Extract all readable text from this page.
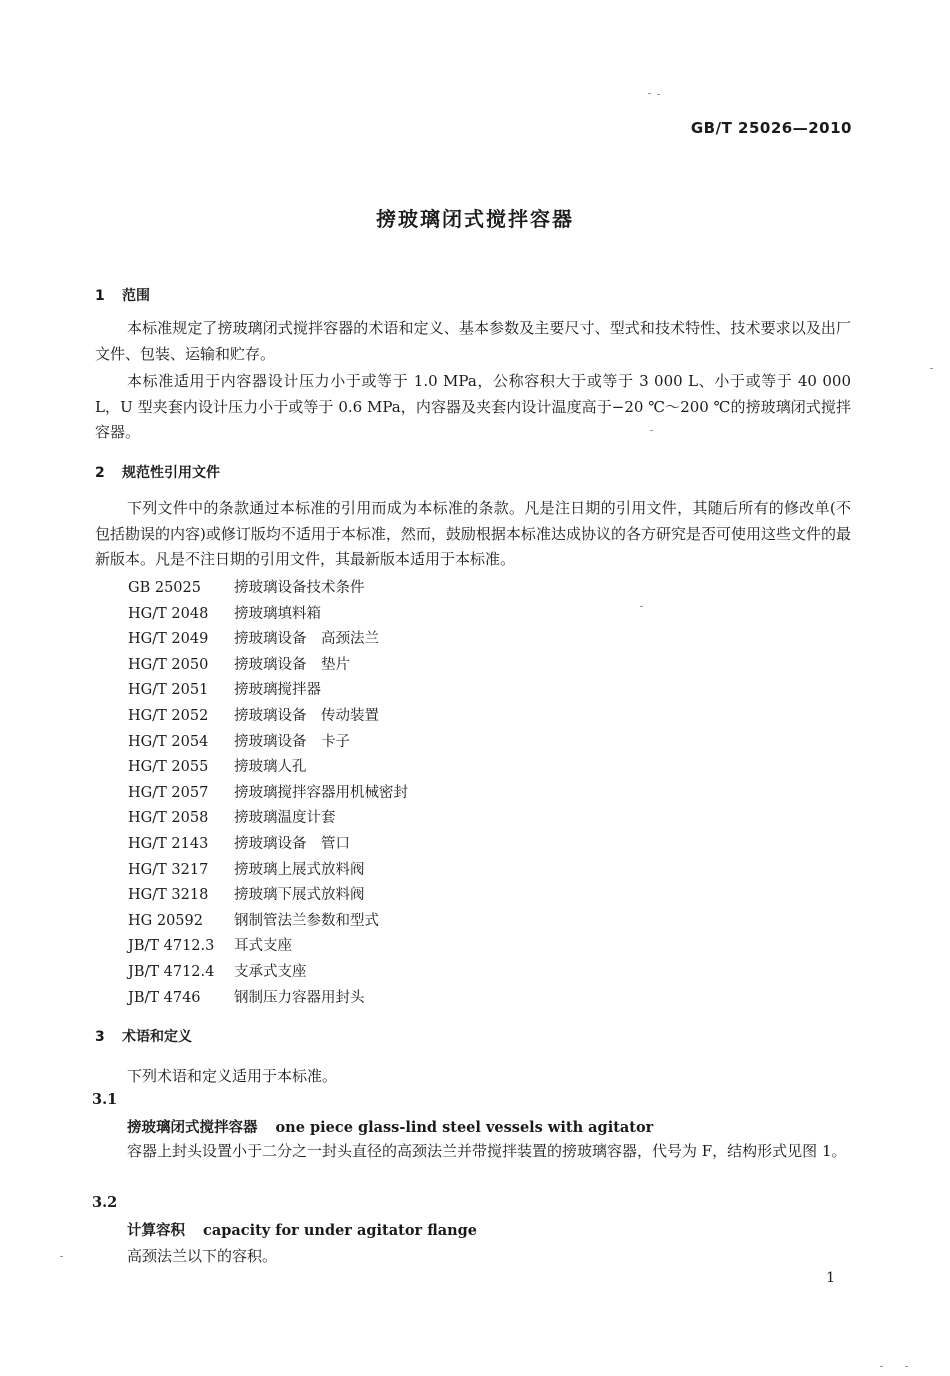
GB/T 25026—2010
搒玻璃闭式搅拌容器
1 范围
本标准规定了搒玻璃闭式搅拌容器的术语和定义、基本参数及主要尺寸、型式和技术特性、技术要求以及出厂文件、包装、运输和贮存。
本标准适用于内容器设计压力小于或等于 1.0 MPa，公称容积大于或等于 3 000 L、小于或等于 40 000 L，U 型夹套内设计压力小于或等于 0.6 MPa，内容器及夹套内设计温度高于−20 ℃～200 ℃的搒玻璃闭式搅拌容器。
2 规范性引用文件
下列文件中的条款通过本标准的引用而成为本标准的条款。凡是注日期的引用文件，其随后所有的修改单(不包括勘误的内容)或修订版均不适用于本标准，然而，鼓励根据本标准达成协议的各方研究是否可使用这些文件的最新版本。凡是不注日期的引用文件，其最新版本适用于本标准。
GB 25025 搒玻璃设备技术条件
HG/T 2048 搒玻璃填料箱
HG/T 2049 搒玻璃设备　高颈法兰
HG/T 2050 搒玻璃设备　垫片
HG/T 2051 搒玻璃搅拌器
HG/T 2052 搒玻璃设备　传动装置
HG/T 2054 搒玻璃设备　卡子
HG/T 2055 搒玻璃人孔
HG/T 2057 搒玻璃搅拌容器用机械密封
HG/T 2058 搒玻璃温度计套
HG/T 2143 搒玻璃设备　管口
HG/T 3217 搒玻璃上展式放料阀
HG/T 3218 搒玻璃下展式放料阀
HG 20592 钢制管法兰参数和型式
JB/T 4712.3 耳式支座
JB/T 4712.4 支承式支座
JB/T 4746 钢制压力容器用封头
3 术语和定义
下列术语和定义适用于本标准。
3.1
搒玻璃闭式搅拌容器 one piece glass-lind steel vessels with agitator
容器上封头设置小于二分之一封头直径的高颈法兰并带搅拌装置的搒玻璃容器，代号为 F，结构形式见图 1。
3.2
计算容积 capacity for under agitator flange
高颈法兰以下的容积。
1
